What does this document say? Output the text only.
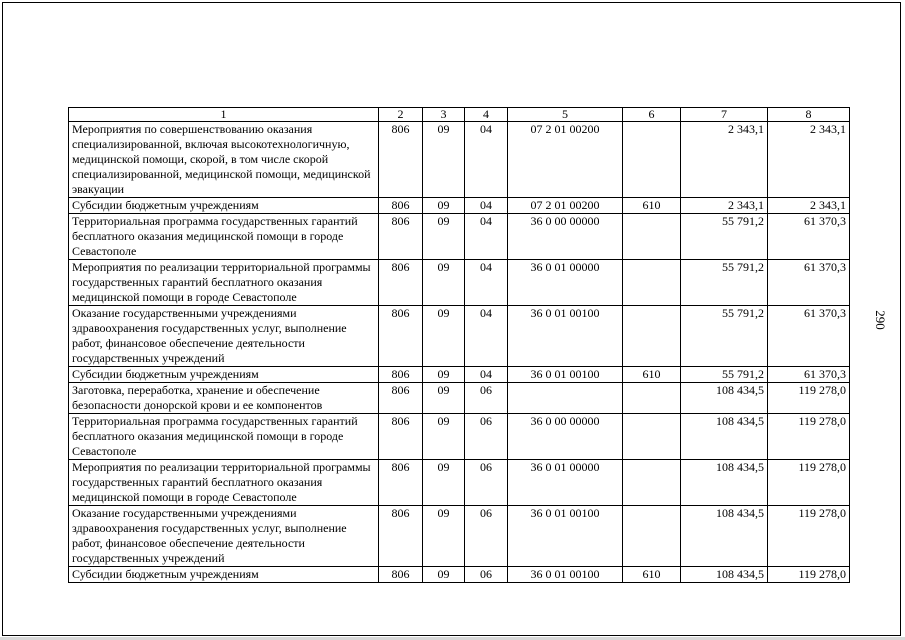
1	2	3	4	5	6	7	8
Мероприятия по совершенствованию оказания специализированной, включая высокотехнологичную, медицинской помощи, скорой, в том числе скорой специализированной, медицинской помощи, медицинской эвакуации	806	09	04	07 2 01 00200		2 343,1	2 343,1
Субсидии бюджетным учреждениям	806	09	04	07 2 01 00200	610	2 343,1	2 343,1
Территориальная программа государственных гарантий бесплатного оказания медицинской помощи в городе Севастополе	806	09	04	36 0 00 00000		55 791,2	61 370,3
Мероприятия по реализации территориальной программы государственных гарантий бесплатного оказания медицинской помощи в городе Севастополе	806	09	04	36 0 01 00000		55 791,2	61 370,3
Оказание государственными учреждениями здравоохранения государственных услуг, выполнение работ, финансовое обеспечение деятельности государственных учреждений	806	09	04	36 0 01 00100		55 791,2	61 370,3
Субсидии бюджетным учреждениям	806	09	04	36 0 01 00100	610	55 791,2	61 370,3
Заготовка, переработка, хранение и обеспечение безопасности донорской крови и ее компонентов	806	09	06			108 434,5	119 278,0
Территориальная программа государственных гарантий бесплатного оказания медицинской помощи в городе Севастополе	806	09	06	36 0 00 00000		108 434,5	119 278,0
Мероприятия по реализации территориальной программы государственных гарантий бесплатного оказания медицинской помощи в городе Севастополе	806	09	06	36 0 01 00000		108 434,5	119 278,0
Оказание государственными учреждениями здравоохранения государственных услуг, выполнение работ, финансовое обеспечение деятельности государственных учреждений	806	09	06	36 0 01 00100		108 434,5	119 278,0
Субсидии бюджетным учреждениям	806	09	06	36 0 01 00100	610	108 434,5	119 278,0
290
